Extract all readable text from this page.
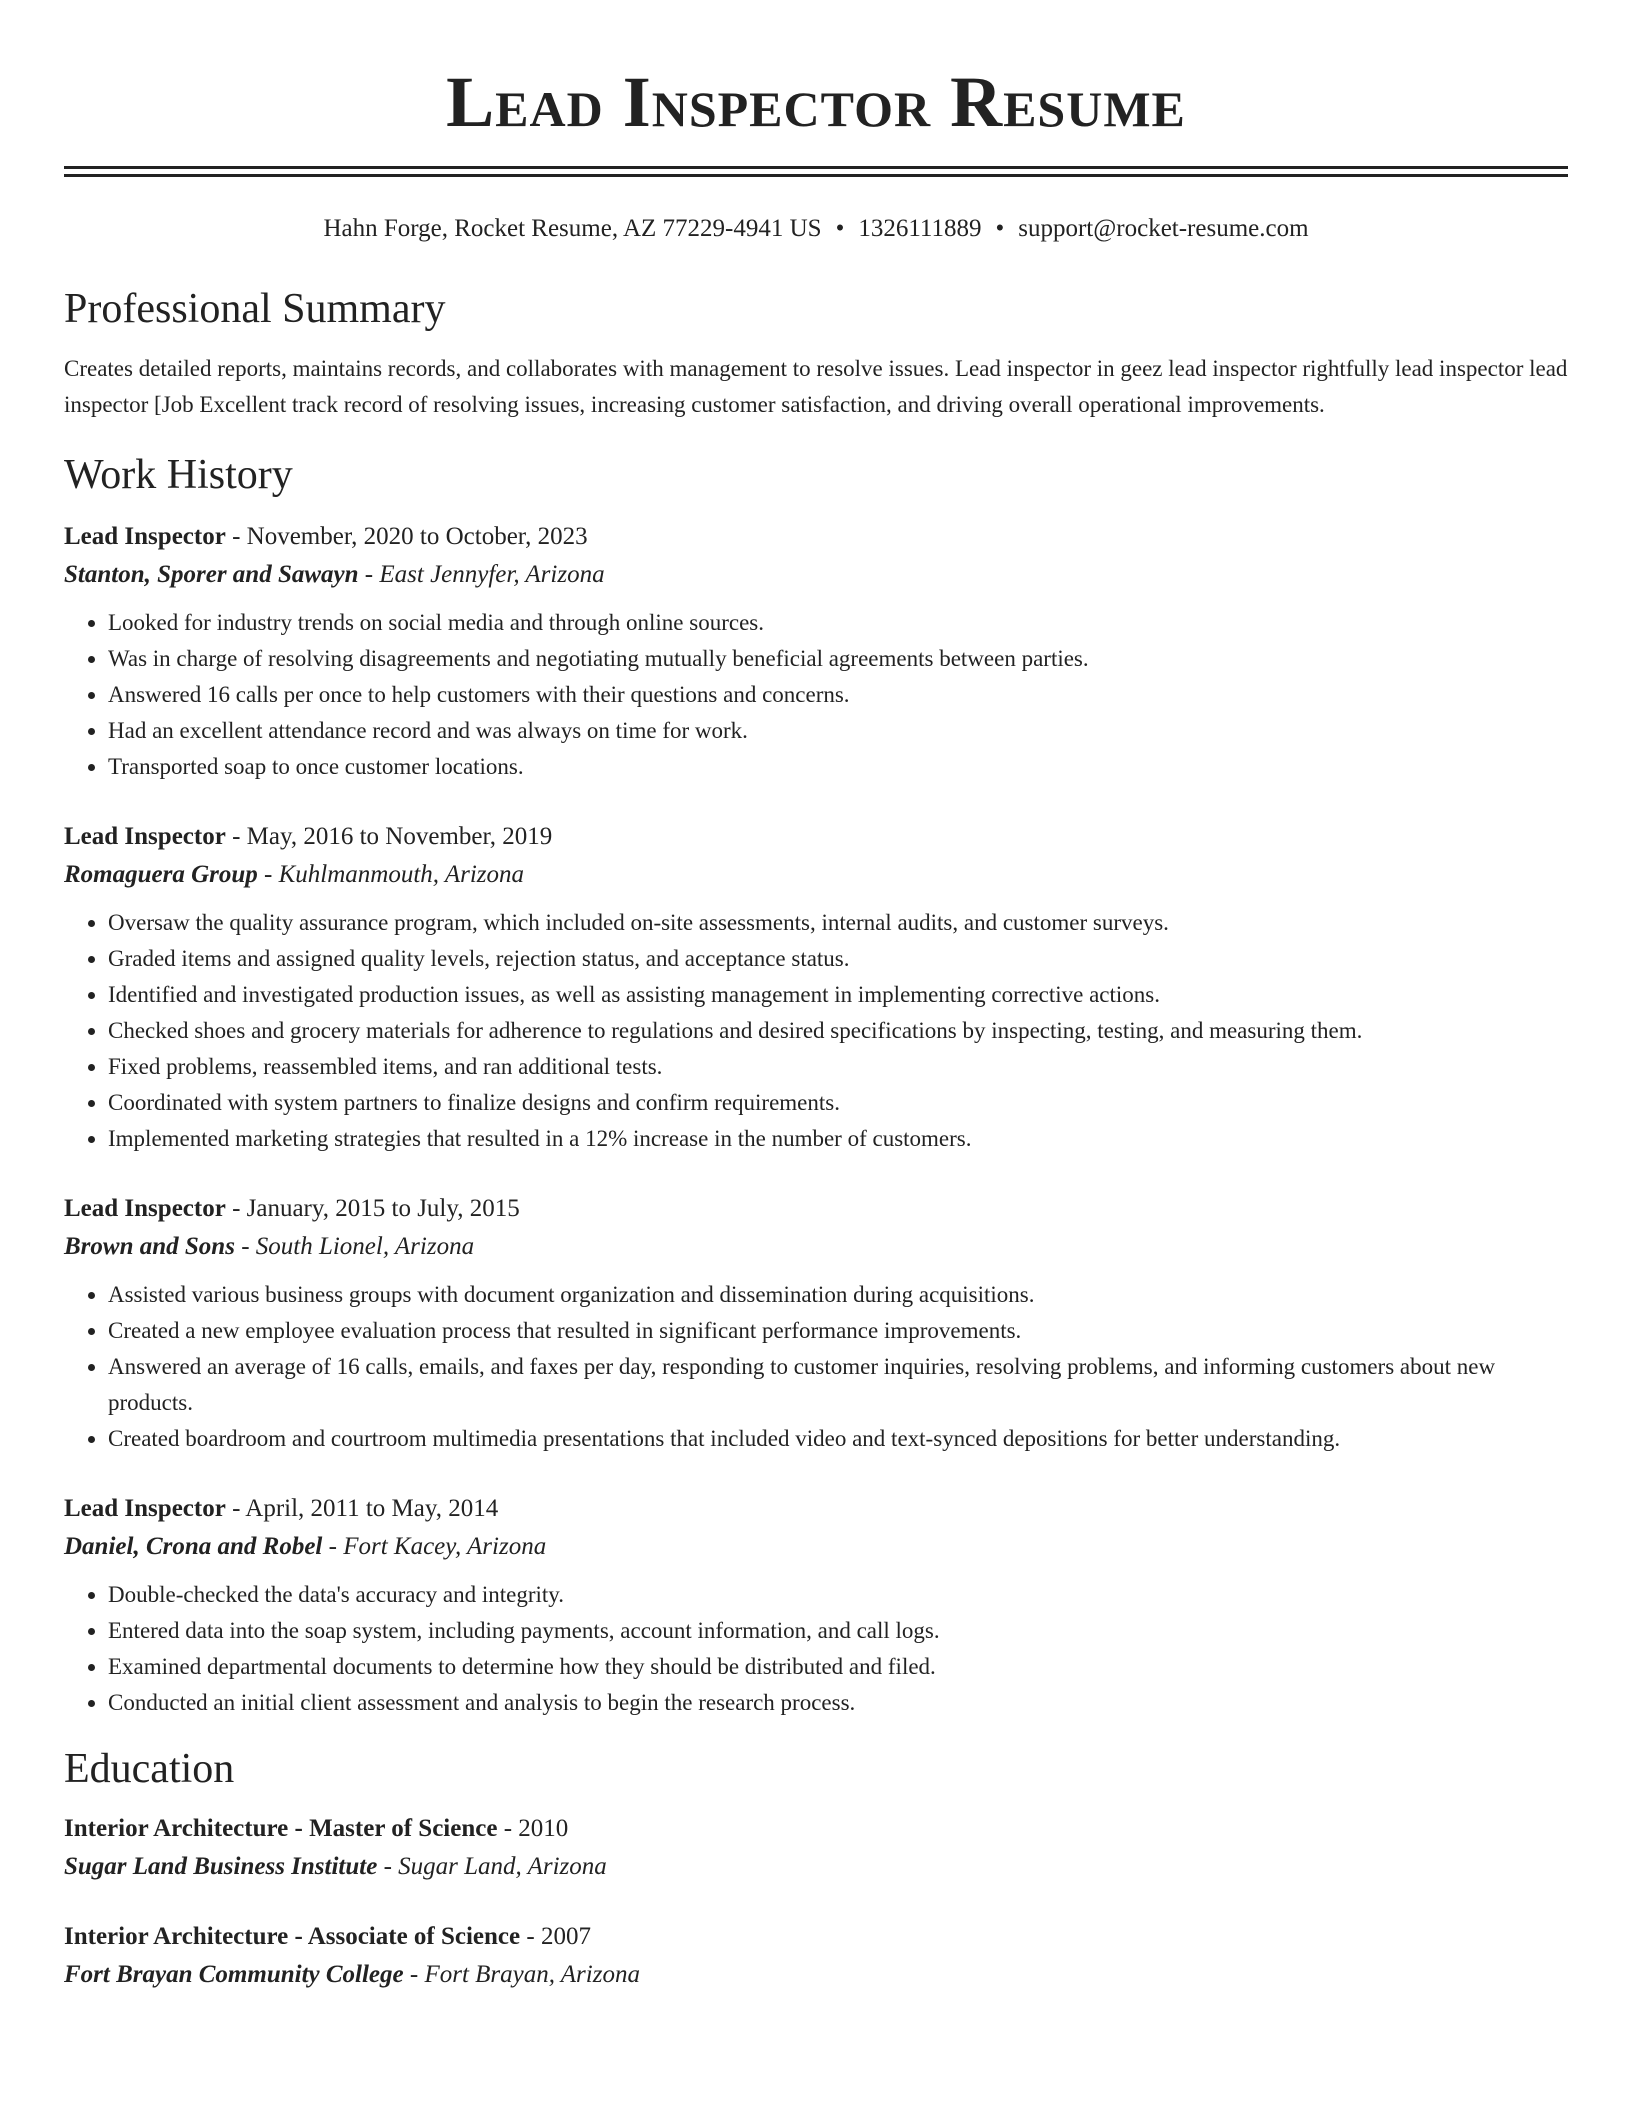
Lead Inspector Resume
Hahn Forge, Rocket Resume, AZ 77229-4941 US • 1326111889 • support@rocket-resume.com
Professional Summary

Creates detailed reports, maintains records, and collaborates with management to resolve issues. Lead inspector in geez lead inspector rightfully lead inspector lead inspector [Job Excellent track record of resolving issues, increasing customer satisfaction, and driving overall operational improvements.

Work History
Lead Inspector - November, 2020 to October, 2023
Stanton, Sporer and Sawayn - East Jennyfer, Arizona
• Looked for industry trends on social media and through online sources.
• Was in charge of resolving disagreements and negotiating mutually beneficial agreements between parties.
• Answered 16 calls per once to help customers with their questions and concerns.
• Had an excellent attendance record and was always on time for work.
• Transported soap to once customer locations.
Lead Inspector - May, 2016 to November, 2019
Romaguera Group - Kuhlmanmouth, Arizona
• Oversaw the quality assurance program, which included on-site assessments, internal audits, and customer surveys.
• Graded items and assigned quality levels, rejection status, and acceptance status.
• Identified and investigated production issues, as well as assisting management in implementing corrective actions.
• Checked shoes and grocery materials for adherence to regulations and desired specifications by inspecting, testing, and measuring them.
• Fixed problems, reassembled items, and ran additional tests.
• Coordinated with system partners to finalize designs and confirm requirements.
• Implemented marketing strategies that resulted in a 12% increase in the number of customers.
Lead Inspector - January, 2015 to July, 2015
Brown and Sons - South Lionel, Arizona
• Assisted various business groups with document organization and dissemination during acquisitions.
• Created a new employee evaluation process that resulted in significant performance improvements.
• Answered an average of 16 calls, emails, and faxes per day, responding to customer inquiries, resolving problems, and informing customers about new products.
• Created boardroom and courtroom multimedia presentations that included video and text-synced depositions for better understanding.
Lead Inspector - April, 2011 to May, 2014
Daniel, Crona and Robel - Fort Kacey, Arizona
• Double-checked the data's accuracy and integrity.
• Entered data into the soap system, including payments, account information, and call logs.
• Examined departmental documents to determine how they should be distributed and filed.
• Conducted an initial client assessment and analysis to begin the research process.
Education
Interior Architecture - Master of Science - 2010
Sugar Land Business Institute - Sugar Land, Arizona
Interior Architecture - Associate of Science - 2007
Fort Brayan Community College - Fort Brayan, Arizona
